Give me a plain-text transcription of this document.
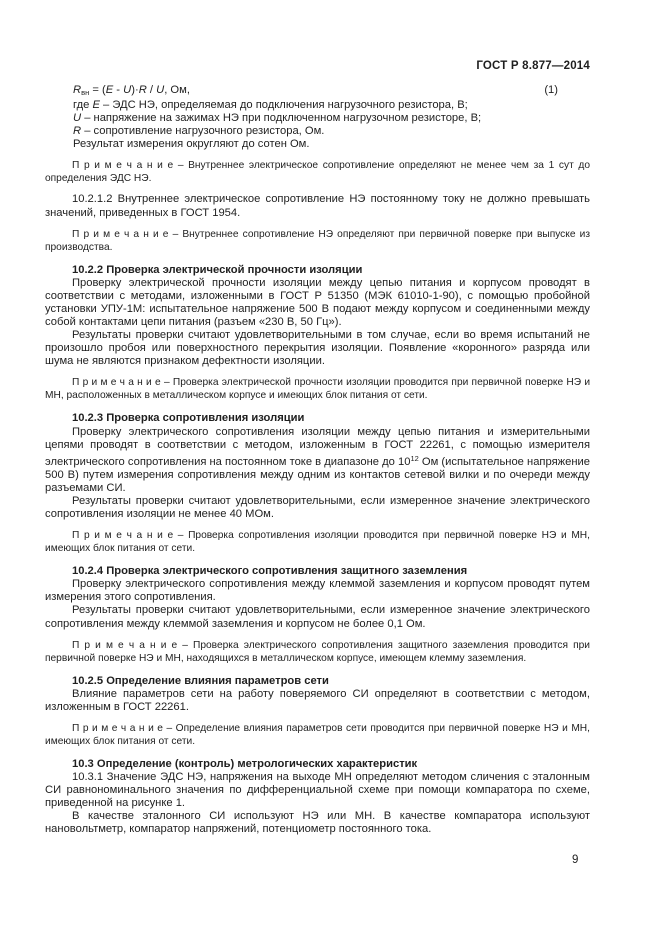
ГОСТ Р 8.877—2014
$R_{вн} = (E - U)\cdot R / U$, Ом,	(1)
где E – ЭДС НЭ, определяемая до подключения нагрузочного резистора, В;
U – напряжение на зажимах НЭ при подключенном нагрузочном резисторе, В;
R – сопротивление нагрузочного резистора, Ом.
Результат измерения округляют до сотен Ом.

П р и м е ч а н и е – Внутреннее электрическое сопротивление определяют не менее чем за 1 сут до определения ЭДС НЭ.

10.2.1.2 Внутреннее электрическое сопротивление НЭ постоянному току не должно превышать значений, приведенных в ГОСТ 1954.

П р и м е ч а н и е – Внутреннее сопротивление НЭ определяют при первичной поверке при выпуске из производства.

10.2.2 Проверка электрической прочности изоляции

Проверку электрической прочности изоляции между цепью питания и корпусом проводят в соответствии с методами, изложенными в ГОСТ Р 51350 (МЭК 61010-1-90), с помощью пробойной установки УПУ-1М: испытательное напряжение 500 В подают между корпусом и соединенными между собой контактами цепи питания (разъем «230 В, 50 Гц»).

Результаты проверки считают удовлетворительными в том случае, если во время испытаний не произошло пробоя или поверхностного перекрытия изоляции. Появление «коронного» разряда или шума не являются признаком дефектности изоляции.

П р и м е ч а н и е – Проверка электрической прочности изоляции проводится при первичной поверке НЭ и МН, расположенных в металлическом корпусе и имеющих блок питания от сети.

10.2.3 Проверка сопротивления изоляции

Проверку электрического сопротивления изоляции между цепью питания и измерительными цепями проводят в соответствии с методом, изложенным в ГОСТ 22261, с помощью измерителя электрического сопротивления на постоянном токе в диапазоне до $10^{12}$ Ом (испытательное напряжение 500 В) путем измерения сопротивления между одним из контактов сетевой вилки и по очереди между разъемами СИ.

Результаты проверки считают удовлетворительными, если измеренное значение электрического сопротивления изоляции не менее 40 МОм.

П р и м е ч а н и е – Проверка сопротивления изоляции проводится при первичной поверке НЭ и МН, имеющих блок питания от сети.

10.2.4 Проверка электрического сопротивления защитного заземления

Проверку электрического сопротивления между клеммой заземления и корпусом проводят путем измерения этого сопротивления.

Результаты проверки считают удовлетворительными, если измеренное значение электрического сопротивления между клеммой заземления и корпусом не более 0,1 Ом.

П р и м е ч а н и е – Проверка электрического сопротивления защитного заземления проводится при первичной поверке НЭ и МН, находящихся в металлическом корпусе, имеющем клемму заземления.

10.2.5 Определение влияния параметров сети

Влияние параметров сети на работу поверяемого СИ определяют в соответствии с методом, изложенным в ГОСТ 22261.

П р и м е ч а н и е – Определение влияния параметров сети проводится при первичной поверке НЭ и МН, имеющих блок питания от сети.

10.3 Определение (контроль) метрологических характеристик

10.3.1 Значение ЭДС НЭ, напряжения на выходе МН определяют методом сличения с эталонным СИ равнономинального значения по дифференциальной схеме при помощи компаратора по схеме, приведенной на рисунке 1.

В качестве эталонного СИ используют НЭ или МН. В качестве компаратора используют нановольтметр, компаратор напряжений, потенциометр постоянного тока.

9
